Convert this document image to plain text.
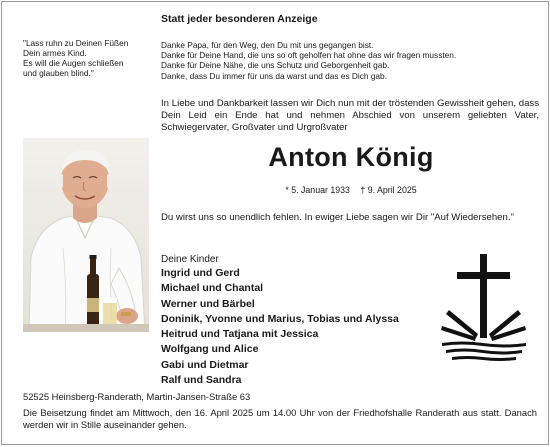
"Lass ruhn zu Deinen Füßen
Dein armes Kind.
Es will die Augen schließen
und glauben blind."
Statt jeder besonderen Anzeige
Danke Papa, für den Weg, den Du mit uns gegangen bist.
Danke für Deine Hand, die uns so oft geholfen hat ohne das wir fragen mussten.
Danke für Deine Nähe, die uns Schutz und Geborgenheit gab.
Danke, dass Du immer für uns da warst und das es Dich gab.
In Liebe und Dankbarkeit lassen wir Dich nun mit der tröstenden Gewissheit gehen, dass Dein Leid ein Ende hat und nehmen Abschied von unserem geliebten Vater, Schwiegervater, Großvater und Urgroßvater
Anton König
* 5. Januar 1933 † 9. April 2025
Du wirst uns so unendlich fehlen. In ewiger Liebe sagen wir Dir "Auf Wiedersehen."
Deine Kinder
Ingrid und Gerd
Michael und Chantal
Werner und Bärbel
Doninik, Yvonne und Marius, Tobias und Alyssa
Heitrud und Tatjana mit Jessica
Wolfgang und Alice
Gabi und Dietmar
Ralf und Sandra
52525 Heinsberg-Randerath, Martin-Jansen-Straße 63
Die Beisetzung findet am Mittwoch, den 16. April 2025 um 14.00 Uhr von der Friedhofshalle Randerath aus statt. Danach werden wir in Stille auseinander gehen.
